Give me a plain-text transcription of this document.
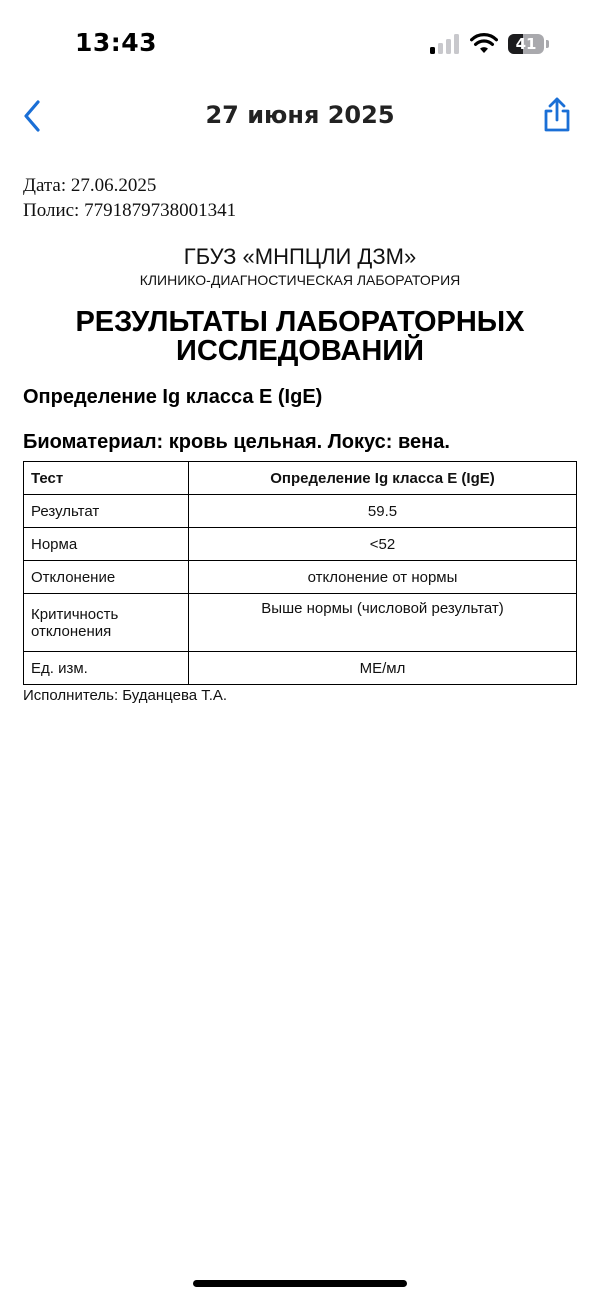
13:43	41
27 июня 2025
Дата: 27.06.2025
Полис: 7791879738001341
ГБУЗ «МНПЦЛИ ДЗМ»
КЛИНИКО-ДИАГНОСТИЧЕСКАЯ ЛАБОРАТОРИЯ
РЕЗУЛЬТАТЫ ЛАБОРАТОРНЫХ
ИССЛЕДОВАНИЙ
Определение Ig класса E (IgE)
Биоматериал: кровь цельная. Локус: вена.
Тест	Определение Ig класса E (IgE)
Результат	59.5
Норма	<52
Отклонение	отклонение от нормы

Критичность
отклонения	Выше нормы (числовой результат)
Ед. изм.	МЕ/мл
Исполнитель: Буданцева Т.А.
